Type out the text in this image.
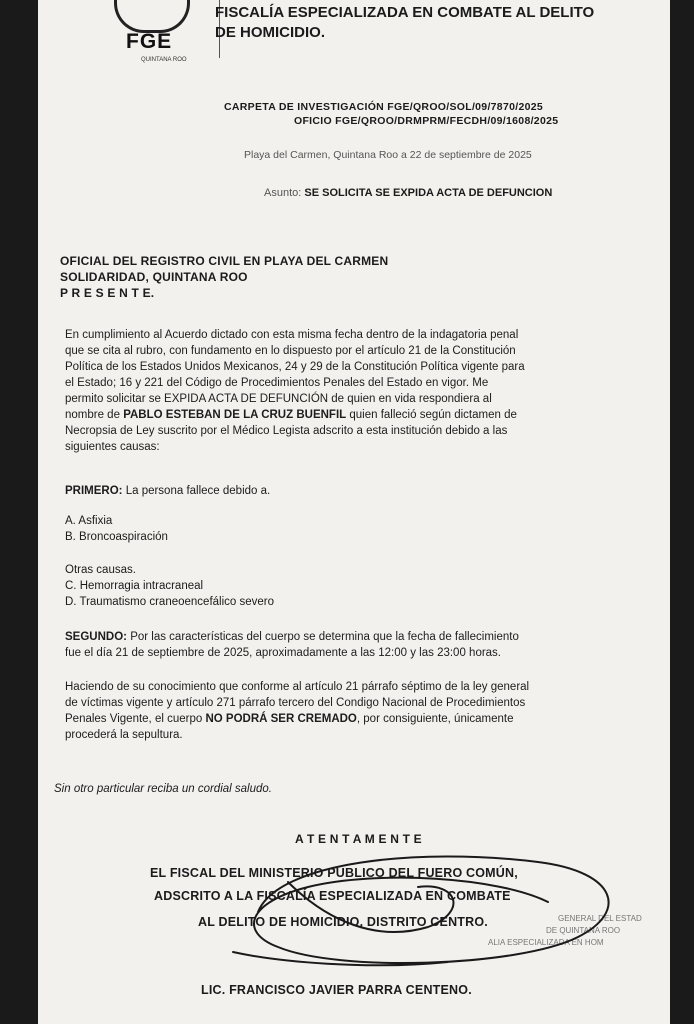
FGE
QUINTANA ROO
FISCALÍA ESPECIALIZADA EN COMBATE AL DELITO
DE HOMICIDIO.
CARPETA DE INVESTIGACIÓN FGE/QROO/SOL/09/7870/2025
OFICIO FGE/QROO/DRMPRM/FECDH/09/1608/2025
Playa del Carmen, Quintana Roo a 22 de septiembre de 2025
Asunto: SE SOLICITA SE EXPIDA ACTA DE DEFUNCION
OFICIAL DEL REGISTRO CIVIL EN PLAYA DEL CARMEN
SOLIDARIDAD, QUINTANA ROO
P R E S E N T E.
En cumplimiento al Acuerdo dictado con esta misma fecha dentro de la indagatoria penal
que se cita al rubro, con fundamento en lo dispuesto por el artículo 21 de la Constitución
Política de los Estados Unidos Mexicanos, 24 y 29 de la Constitución Política vigente para
el Estado; 16 y 221 del Código de Procedimientos Penales del Estado en vigor. Me
permito solicitar se EXPIDA ACTA DE DEFUNCIÓN de quien en vida respondiera al
nombre de PABLO ESTEBAN DE LA CRUZ BUENFIL quien falleció según dictamen de
Necropsia de Ley suscrito por el Médico Legista adscrito a esta institución debido a las
siguientes causas:
PRIMERO: La persona fallece debido a.
A. Asfixia
B. Broncoaspiración
Otras causas.
C. Hemorragia intracraneal
D. Traumatismo craneoencefálico severo
SEGUNDO: Por las características del cuerpo se determina que la fecha de fallecimiento
fue el día 21 de septiembre de 2025, aproximadamente a las 12:00 y las 23:00 horas.
Haciendo de su conocimiento que conforme al artículo 21 párrafo séptimo de la ley general
de víctimas vigente y artículo 271 párrafo tercero del Condigo Nacional de Procedimientos
Penales Vigente, el cuerpo NO PODRÁ SER CREMADO, por consiguiente, únicamente
procederá la sepultura.
Sin otro particular reciba un cordial saludo.
A T E N T A M E N T E
EL FISCAL DEL MINISTERIO PUBLICO DEL FUERO COMÚN,
ADSCRITO A LA FISCALÍA ESPECIALIZADA EN COMBATE
AL DELITO DE HOMICIDIO, DISTRITO CENTRO.
LIC. FRANCISCO JAVIER PARRA CENTENO.
GENERAL DEL ESTAD
DE QUINTANA ROO
ALIA ESPECIALIZADA EN HOM
